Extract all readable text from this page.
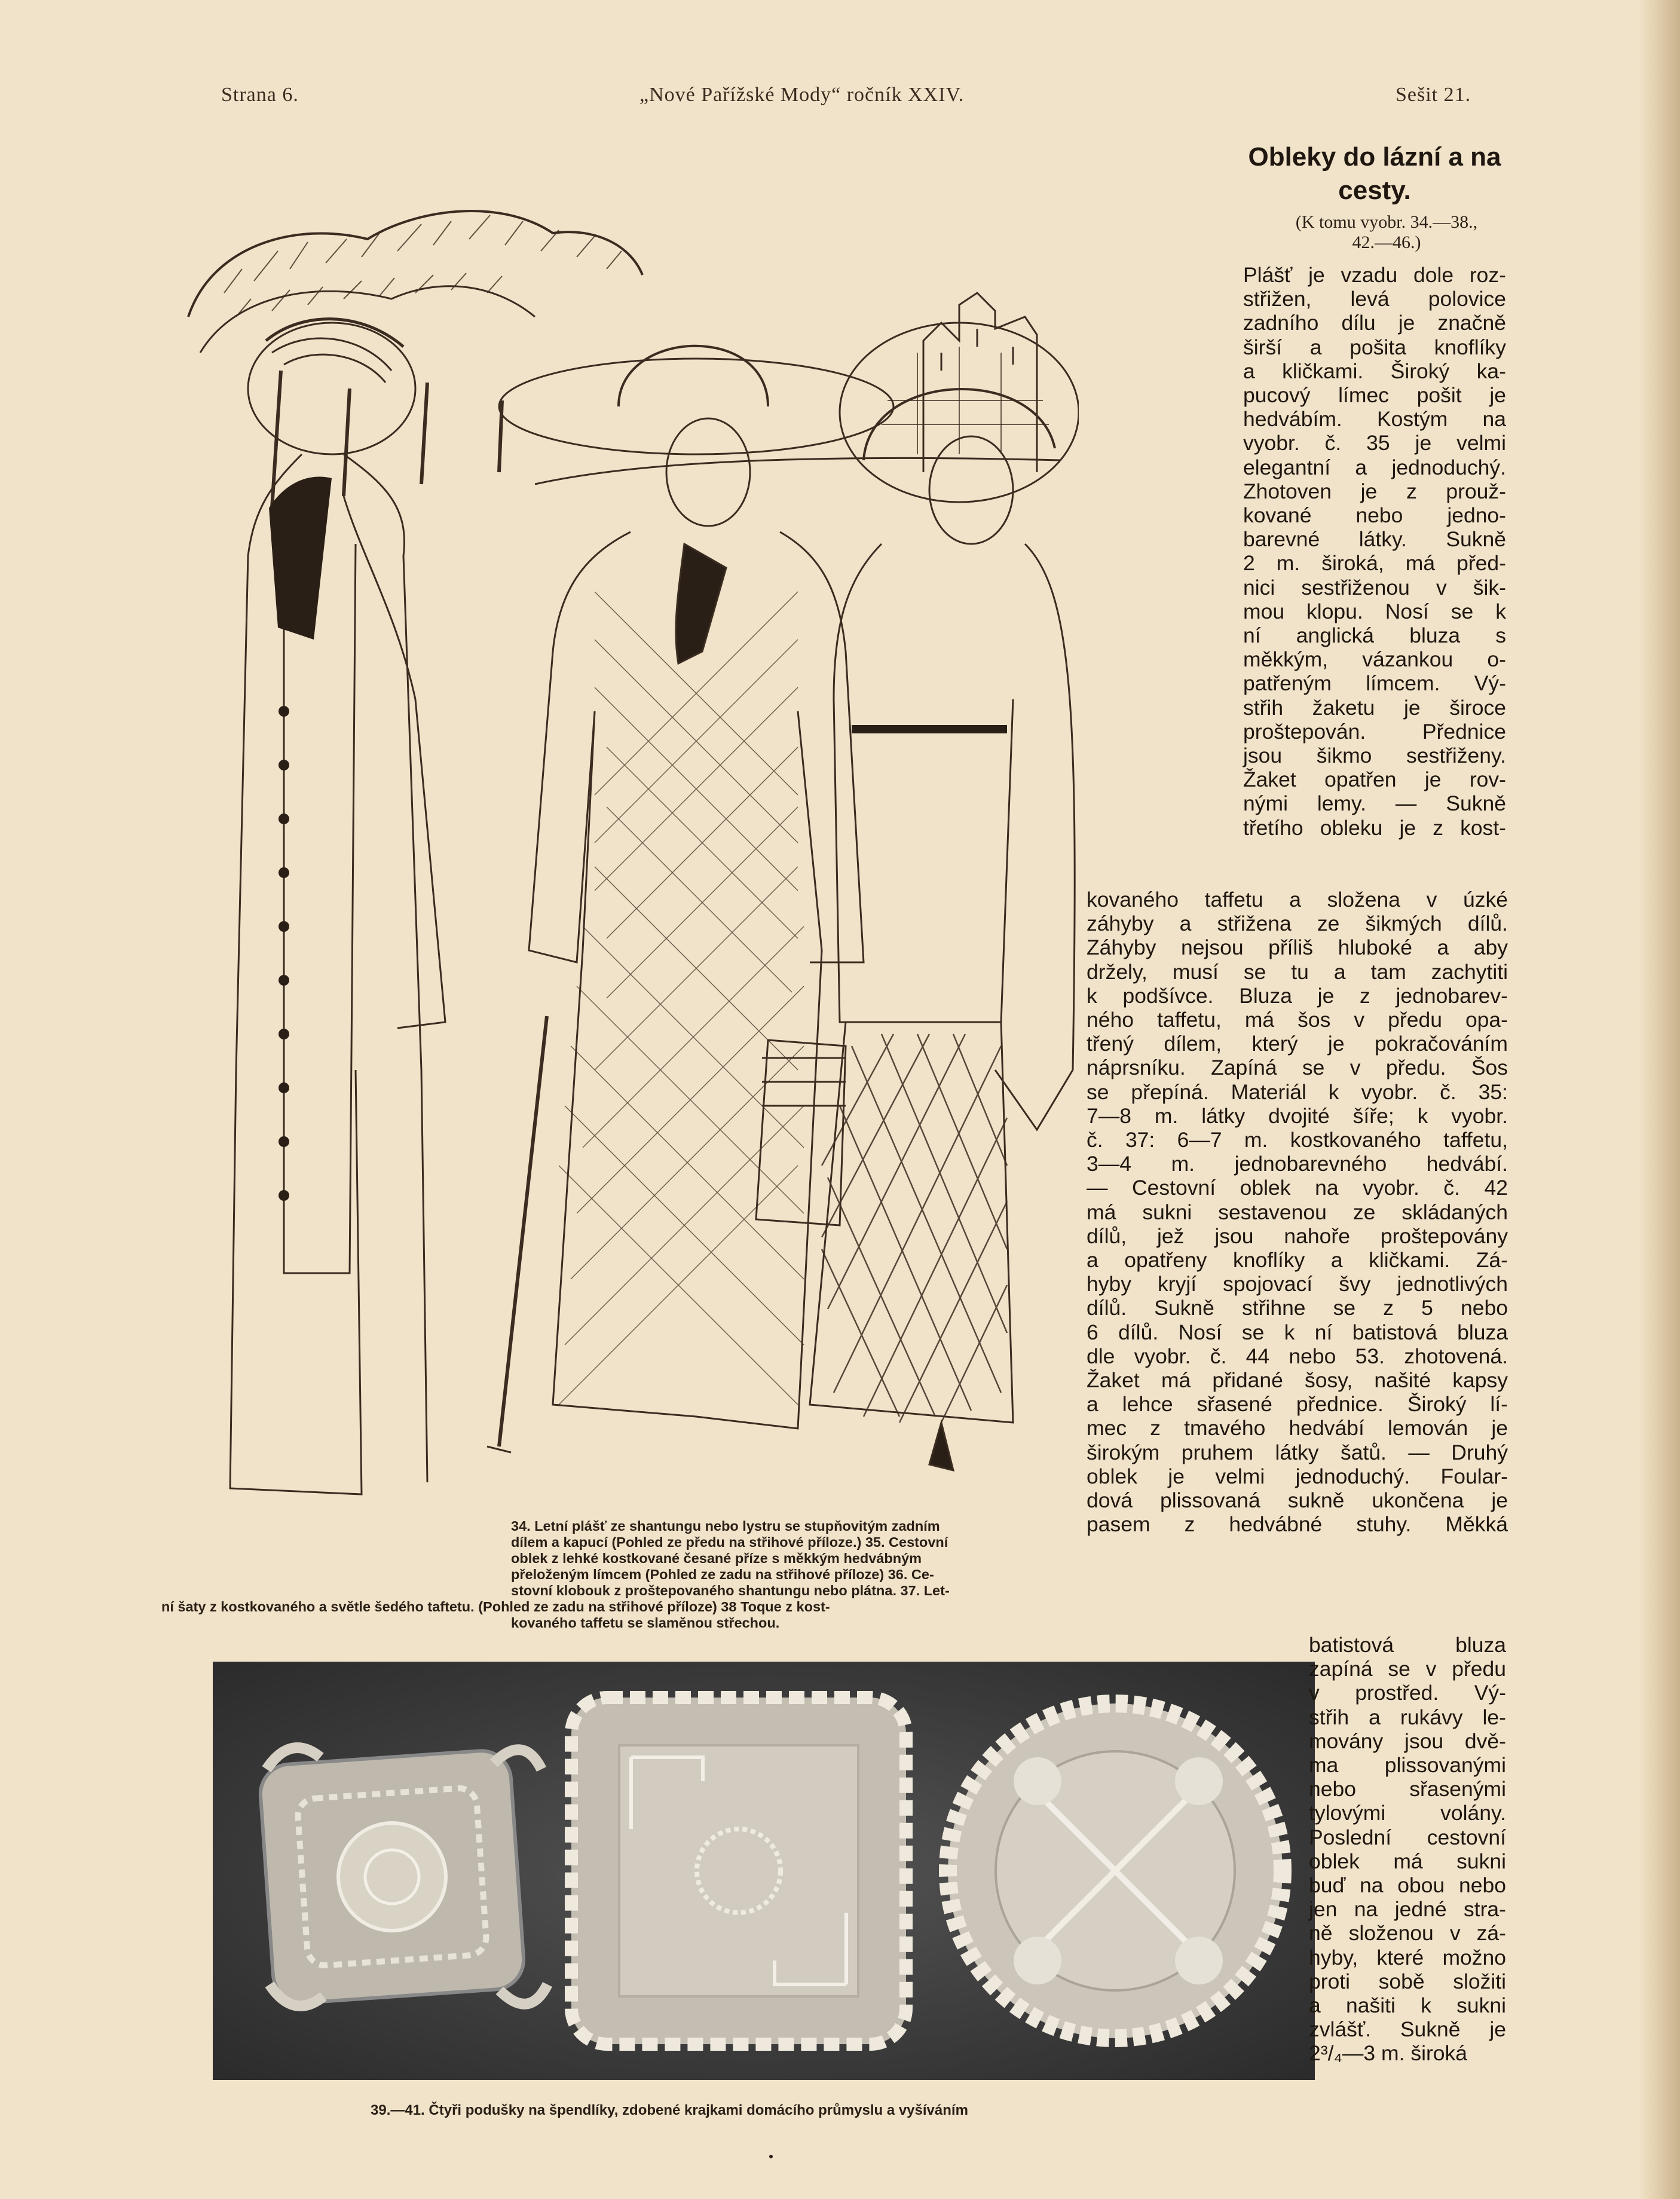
Strana 6.	„Nové Pařížské Mody“ ročník XXIV.	Sešit 21.
34. Letní plášť ze shantungu nebo lystru se stupňovitým zadním
dílem a kapucí (Pohled ze předu na střihové příloze.) 35. Cestovní
oblek z lehké kostkované česané příze s měkkým hedvábným
přeloženým límcem (Pohled ze zadu na střihové příloze) 36. Ce-
stovní klobouk z proštepovaného shantungu nebo plátna. 37. Let-
ní šaty z kostkovaného a světle šedého taftetu. (Pohled ze zadu na střihové příloze) 38 Toque z kost-
kovaného taffetu se slaměnou střechou.
39.—41. Čtyři podušky na špendlíky, zdobené krajkami domácího průmyslu a vyšíváním
Obleky do lázní a na
cesty.
(K tomu vyobr. 34.—38.,
42.—46.)
Plášť je vzadu dole roz-
střižen, levá polovice
zadního dílu je značně
širší a pošita knoflíky
a kličkami. Široký ka-
pucový límec pošit je
hedvábím. Kostým na
vyobr. č. 35 je velmi
elegantní a jednoduchý.
Zhotoven je z prouž-
kované nebo jedno-
barevné látky. Sukně
2 m. široká, má před-
nici sestřiženou v šik-
mou klopu. Nosí se k
ní anglická bluza s
měkkým, vázankou o-
patřeným límcem. Vý-
střih žaketu je široce
proštepován. Přednice
jsou šikmo sestřiženy.
Žaket opatřen je rov-
nými lemy. — Sukně
třetího obleku je z kost-
kovaného taffetu a složena v úzké
záhyby a střižena ze šikmých dílů.
Záhyby nejsou příliš hluboké a aby
držely, musí se tu a tam zachytiti
k podšívce. Bluza je z jednobarev-
ného taffetu, má šos v předu opa-
třený dílem, který je pokračováním
náprsníku. Zapíná se v předu. Šos
se přepíná. Materiál k vyobr. č. 35:
7—8 m. látky dvojité šíře; k vyobr.
č. 37: 6—7 m. kostkovaného taffetu,
3—4 m. jednobarevného hedvábí.
— Cestovní oblek na vyobr. č. 42
má sukni sestavenou ze skládaných
dílů, jež jsou nahoře proštepovány
a opatřeny knoflíky a kličkami. Zá-
hyby kryjí spojovací švy jednotlivých
dílů. Sukně střihne se z 5 nebo
6 dílů. Nosí se k ní batistová bluza
dle vyobr. č. 44 nebo 53. zhotovená.
Žaket má přidané šosy, našité kapsy
a lehce sřasené přednice. Široký lí-
mec z tmavého hedvábí lemován je
širokým pruhem látky šatů. — Druhý
oblek je velmi jednoduchý. Foular-
dová plissovaná sukně ukončena je
pasem z hedvábné stuhy. Měkká
batistová bluza
zapíná se v předu
v prostřed. Vý-
střih a rukávy le-
movány jsou dvě-
ma plissovanými
nebo sřasenými
tylovými volány.
Poslední cestovní
oblek má sukni
buď na obou nebo
jen na jedné stra-
ně složenou v zá-
hyby, které možno
proti sobě složiti
a našiti k sukni
zvlášť. Sukně je
2³/₄—3 m. široká
